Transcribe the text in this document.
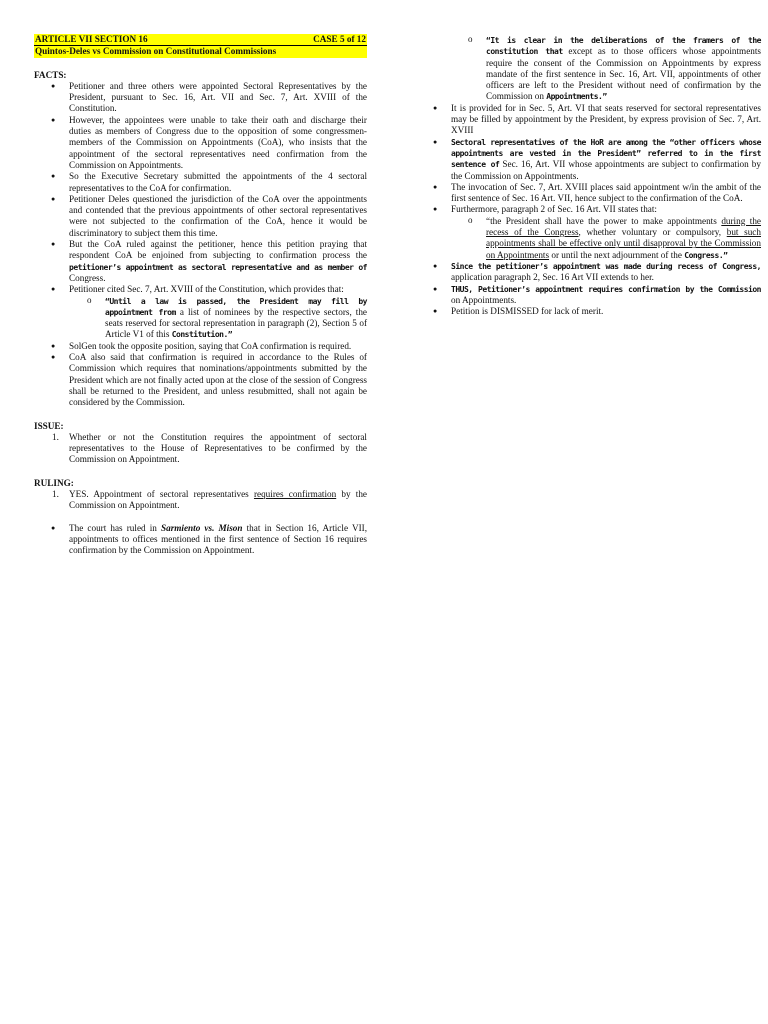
ARTICLE VII SECTION 16	CASE 5 of 12
Quintos-Deles vs Commission on Constitutional Commissions
FACTS:
● Petitioner and three others were appointed Sectoral Representatives by the President, pursuant to Sec. 16, Art. VII and Sec. 7, Art. XVIII of the Constitution.
● However, the appointees were unable to take their oath and discharge their duties as members of Congress due to the opposition of some congressmen-members of the Commission on Appointments (CoA), who insists that the appointment of the sectoral representatives need confirmation from the Commission on Appointments.
● So the Executive Secretary submitted the appointments of the 4 sectoral representatives to the CoA for confirmation.
● Petitioner Deles questioned the jurisdiction of the CoA over the appointments and contended that the previous appointments of other sectoral representatives were not subjected to the confirmation of the CoA, hence it would be discriminatory to subject them this time.
● But the CoA ruled against the petitioner, hence this petition praying that respondent CoA be enjoined from subjecting to confirmation process the petitioner’s appointment as sectoral representative and as member of Congress.
● Petitioner cited Sec. 7, Art. XVIII of the Constitution, which provides that:
o “Until a law is passed, the President may fill by appointment from a list of nominees by the respective sectors, the seats reserved for sectoral representation in paragraph (2), Section 5 of Article V1 of this Constitution.”
● SolGen took the opposite position, saying that CoA confirmation is required.
● CoA also said that confirmation is required in accordance to the Rules of Commission which requires that nominations/appointments submitted by the President which are not finally acted upon at the close of the session of Congress shall be returned to the President, and unless resubmitted, shall not again be considered by the Commission.
ISSUE:
1. Whether or not the Constitution requires the appointment of sectoral representatives to the House of Representatives to be confirmed by the Commission on Appointment.
RULING:
1. YES. Appointment of sectoral representatives requires confirmation by the Commission on Appointment.
● The court has ruled in Sarmiento vs. Mison that in Section 16, Article VII, appointments to offices mentioned in the first sentence of Section 16 requires confirmation by the Commission on Appointment.
o “It is clear in the deliberations of the framers of the constitution that except as to those officers whose appointments require the consent of the Commission on Appointments by express mandate of the first sentence in Sec. 16, Art. VII, appointments of other officers are left to the President without need of confirmation by the Commission on Appointments.”
● It is provided for in Sec. 5, Art. VI that seats reserved for sectoral representatives may be filled by appointment by the President, by express provision of Sec. 7, Art. XVIII
● Sectoral representatives of the HoR are among the “other officers whose appointments are vested in the President” referred to in the first sentence of Sec. 16, Art. VII whose appointments are subject to confirmation by the Commission on Appointments.
● The invocation of Sec. 7, Art. XVIII places said appointment w/in the ambit of the first sentence of Sec. 16 Art. VII, hence subject to the confirmation of the CoA.
● Furthermore, paragraph 2 of Sec. 16 Art. VII states that:
o “the President shall have the power to make appointments during the recess of the Congress, whether voluntary or compulsory, but such appointments shall be effective only until disapproval by the Commission on Appointments or until the next adjournment of the Congress.”
● Since the petitioner’s appointment was made during recess of Congress, application paragraph 2, Sec. 16 Art VII extends to her.
● THUS, Petitioner’s appointment requires confirmation by the Commission on Appointments.
● Petition is DISMISSED for lack of merit.
